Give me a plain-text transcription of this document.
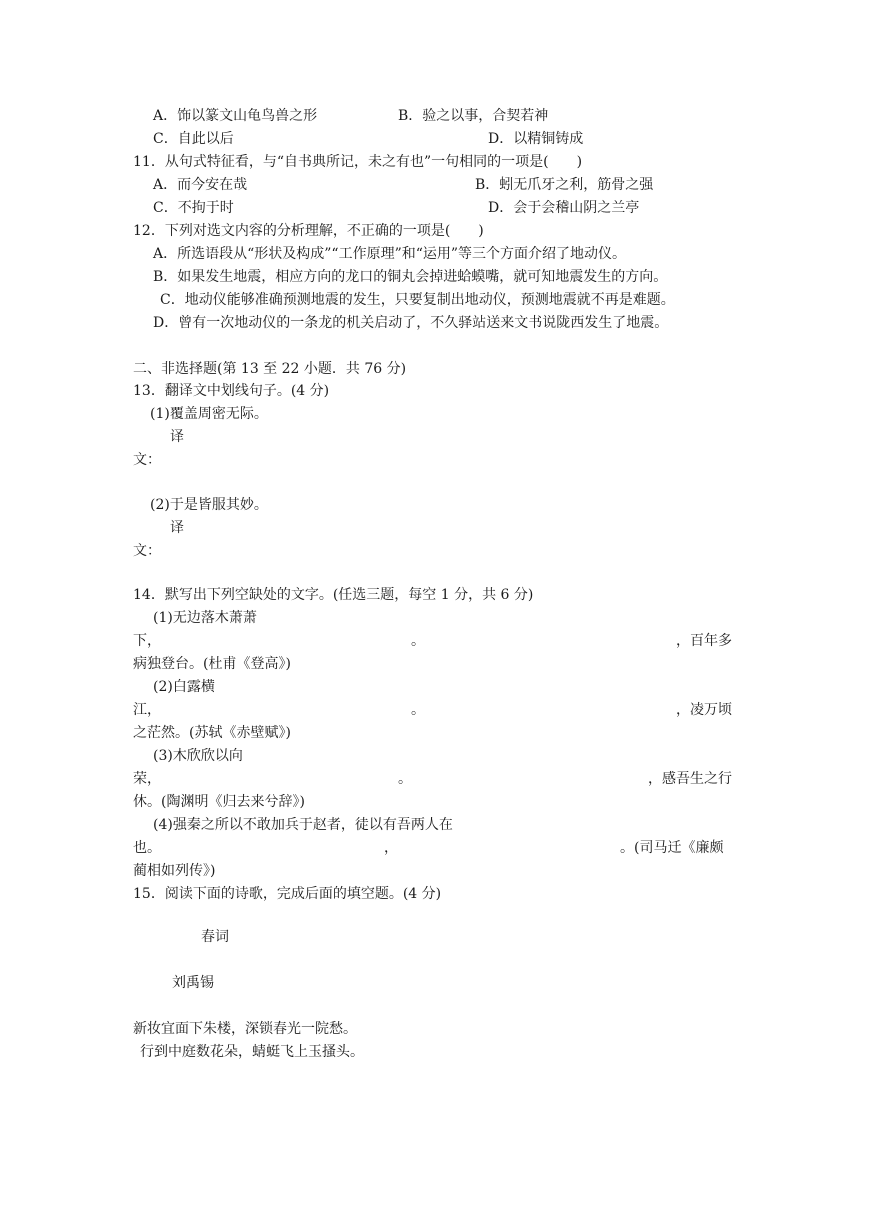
A．饰以篆文山龟鸟兽之形	B．验之以事，合契若神
C．自此以后	D．以精铜铸成
11．从句式特征看，与“自书典所记，未之有也”一句相同的一项是(　　)
A．而今安在哉	B．蚓无爪牙之利，筋骨之强
C．不拘于时	D．会于会稽山阴之兰亭
12．下列对选文内容的分析理解，不正确的一项是(　　)
A．所选语段从“形状及构成”“工作原理”和“运用”等三个方面介绍了地动仪。
B．如果发生地震，相应方向的龙口的铜丸会掉进蛤蟆嘴，就可知地震发生的方向。
C．地动仪能够准确预测地震的发生，只要复制出地动仪，预测地震就不再是难题。
D．曾有一次地动仪的一条龙的机关启动了，不久驿站送来文书说陇西发生了地震。
二、非选择题(第 13 至 22 小题．共 76 分)
13．翻译文中划线句子。(4 分)
(1)覆盖周密无际。
译
文：
(2)于是皆服其妙。
译
文：
14．默写出下列空缺处的文字。(任选三题，每空 1 分，共 6 分)
(1)无边落木萧萧
下，	。	，百年多
病独登台。(杜甫《登高》)
(2)白露横
江，	。	，凌万顷
之茫然。(苏轼《赤壁赋》)
(3)木欣欣以向
荣，	。	，感吾生之行
休。(陶渊明《归去来兮辞》)
(4)强秦之所以不敢加兵于赵者，徒以有吾两人在
也。	，	。(司马迁《廉颇
蔺相如列传》)
15．阅读下面的诗歌，完成后面的填空题。(4 分)
春词
刘禹锡
新妆宜面下朱楼，深锁春光一院愁。
行到中庭数花朵，蜻蜓飞上玉搔头。
